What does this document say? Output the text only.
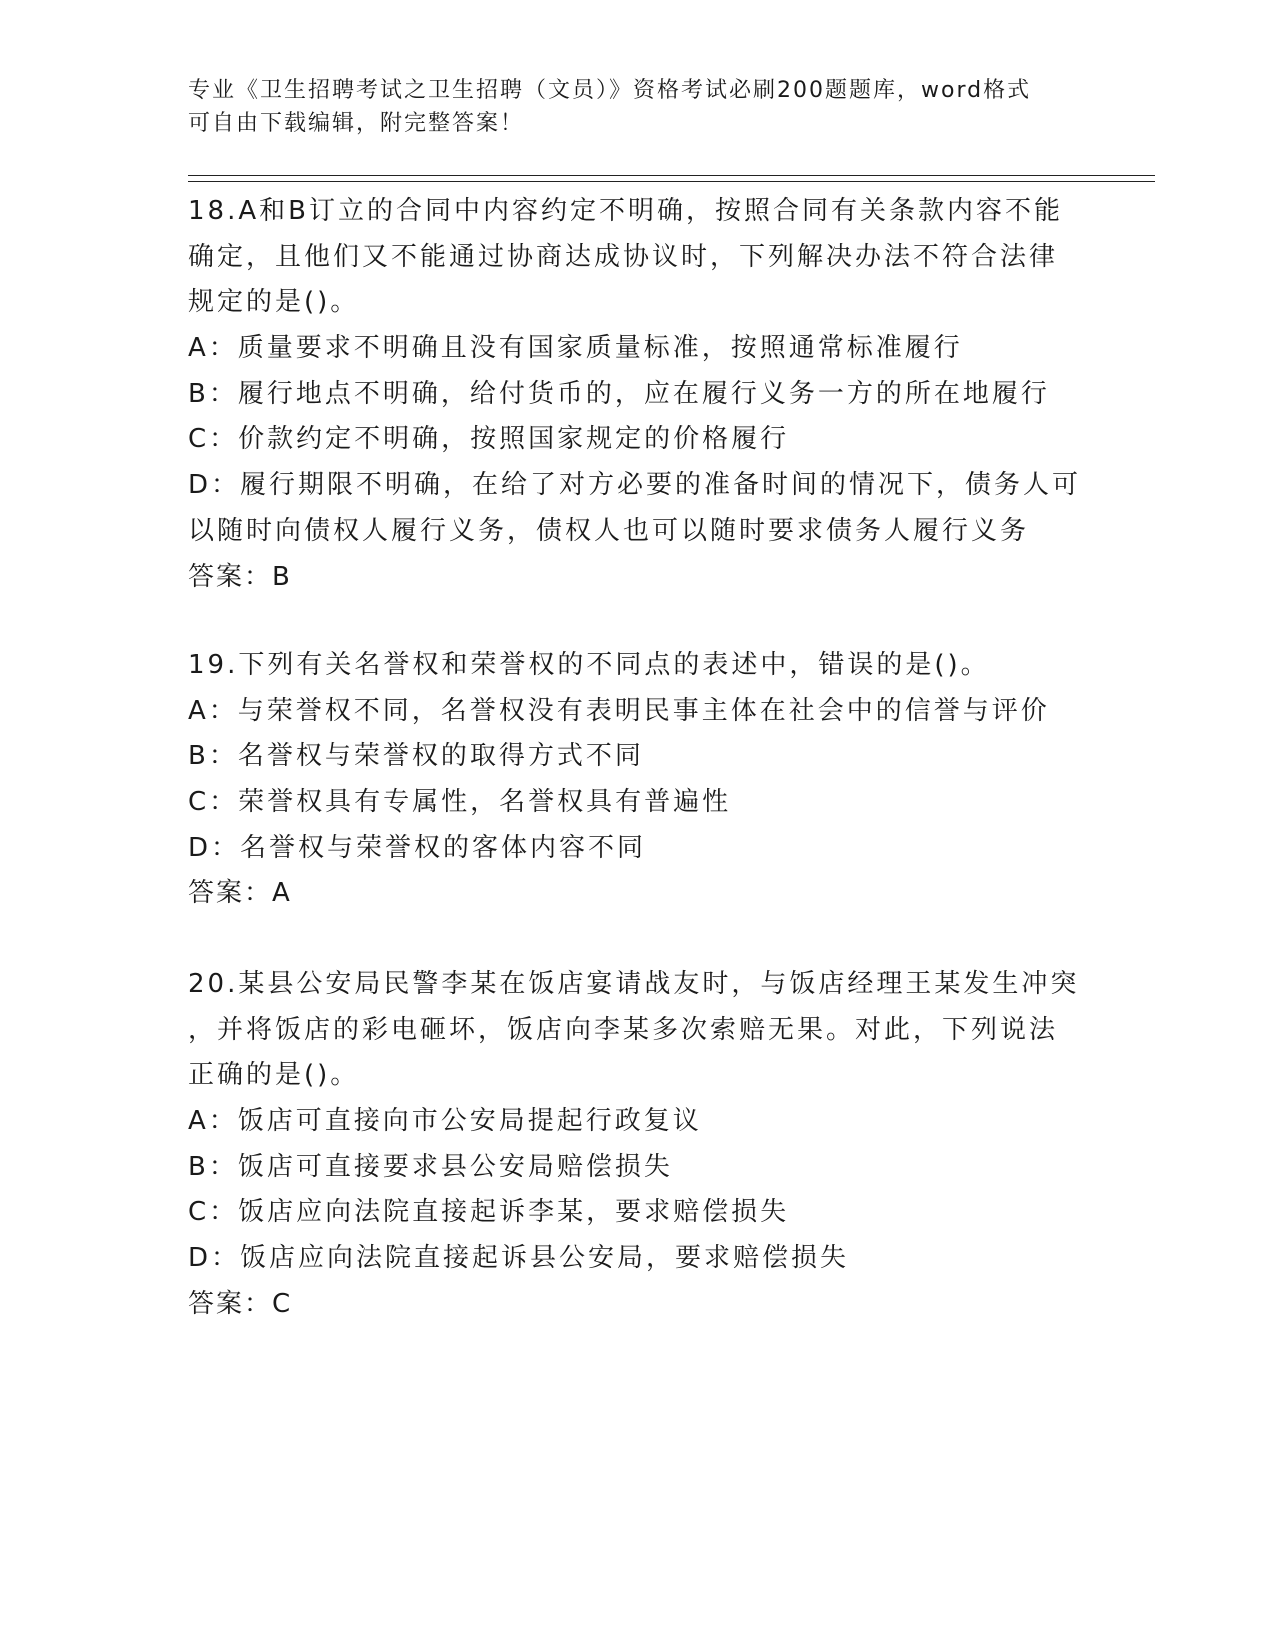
专业《卫生招聘考试之卫生招聘（文员）》资格考试必刷200题题库，word格式
可自由下载编辑，附完整答案！
18.A和B订立的合同中内容约定不明确，按照合同有关条款内容不能
确定，且他们又不能通过协商达成协议时，下列解决办法不符合法律
规定的是()。
A：质量要求不明确且没有国家质量标准，按照通常标准履行
B：履行地点不明确，给付货币的，应在履行义务一方的所在地履行
C：价款约定不明确，按照国家规定的价格履行
D：履行期限不明确，在给了对方必要的准备时间的情况下，债务人可
以随时向债权人履行义务，债权人也可以随时要求债务人履行义务
答案：B
19.下列有关名誉权和荣誉权的不同点的表述中，错误的是()。
A：与荣誉权不同，名誉权没有表明民事主体在社会中的信誉与评价
B：名誉权与荣誉权的取得方式不同
C：荣誉权具有专属性，名誉权具有普遍性
D：名誉权与荣誉权的客体内容不同
答案：A
20.某县公安局民警李某在饭店宴请战友时，与饭店经理王某发生冲突
，并将饭店的彩电砸坏，饭店向李某多次索赔无果。对此，下列说法
正确的是()。
A：饭店可直接向市公安局提起行政复议
B：饭店可直接要求县公安局赔偿损失
C：饭店应向法院直接起诉李某，要求赔偿损失
D：饭店应向法院直接起诉县公安局，要求赔偿损失
答案：C
